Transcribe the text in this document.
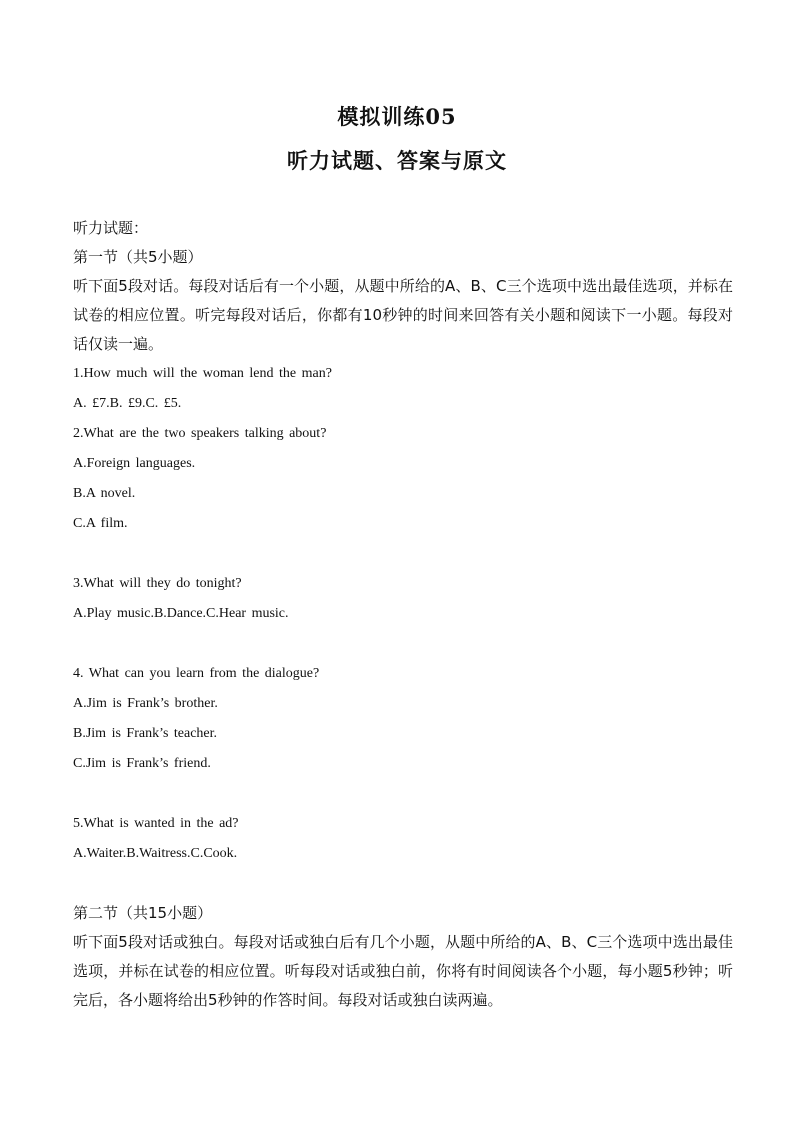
模拟训练05
听力试题、答案与原文
听力试题：
第一节（共5小题）
听下面5段对话。每段对话后有一个小题，从题中所给的A、B、C三个选项中选出最佳选项，并标在试卷的相应位置。听完每段对话后，你都有10秒钟的时间来回答有关小题和阅读下一小题。每段对话仅读一遍。
1.How much will the woman lend the man?
A. £7.B. £9.C. £5.
2.What are the two speakers talking about?
A.Foreign languages.
B.A novel.
C.A film.
3.What will they do tonight?
A.Play music.B.Dance.C.Hear music.
4. What can you learn from the dialogue?
A.Jim is Frank’s brother.
B.Jim is Frank’s teacher.
C.Jim is Frank’s friend.
5.What is wanted in the ad?
A.Waiter.B.Waitress.C.Cook.
第二节（共15小题）
听下面5段对话或独白。每段对话或独白后有几个小题，从题中所给的A、B、C三个选项中选出最佳选项，并标在试卷的相应位置。听每段对话或独白前，你将有时间阅读各个小题，每小题5秒钟；听完后，各小题将给出5秒钟的作答时间。每段对话或独白读两遍。
